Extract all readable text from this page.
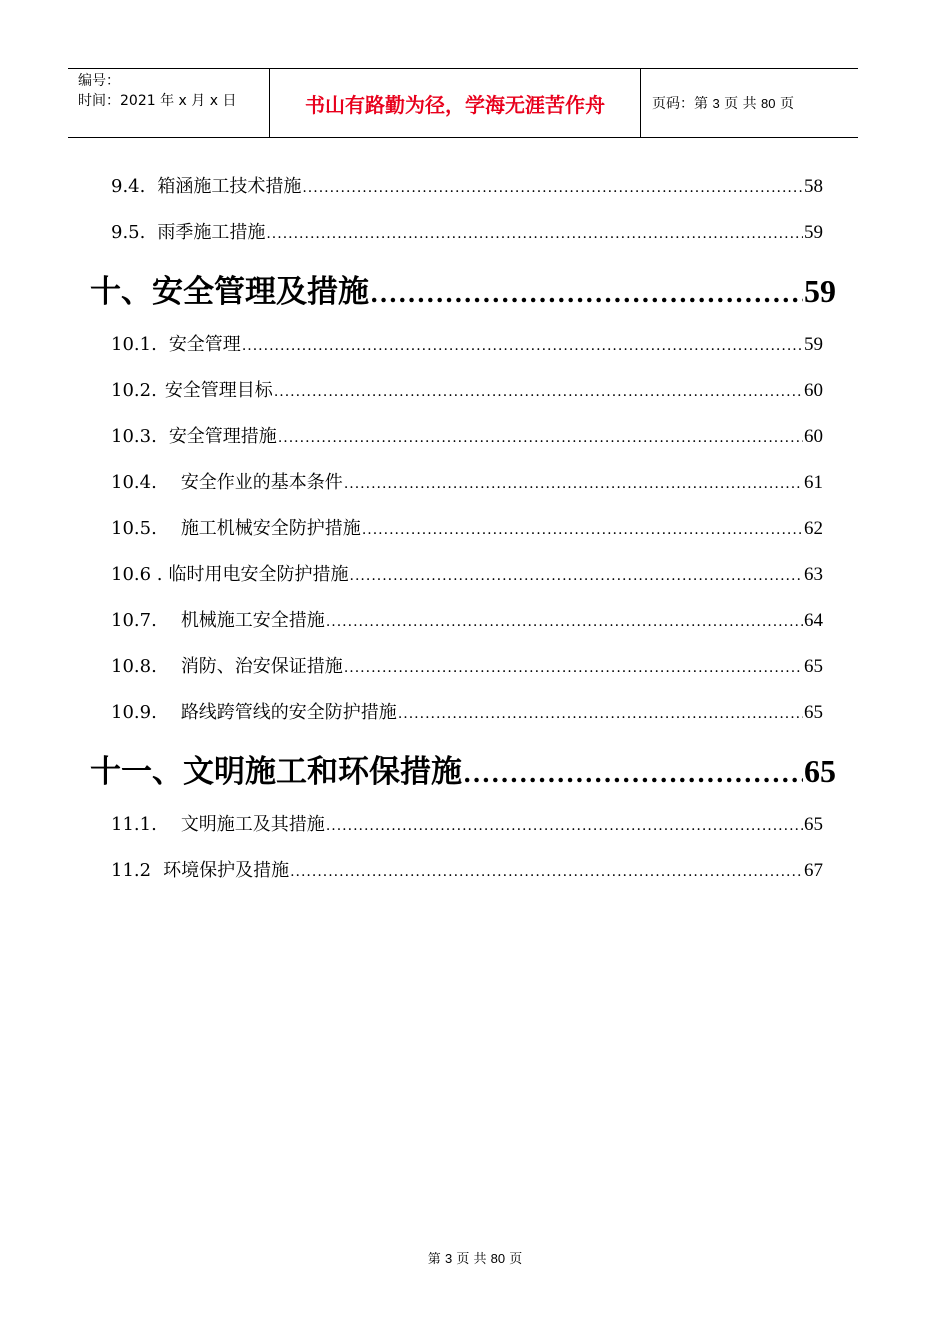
编号：
时间：2021 年 x 月 x 日	书山有路勤为径，学海无涯苦作舟	页码：第 3 页 共 80 页
9.4. 箱涵施工技术措施 .....	58
9.5. 雨季施工措施 .....	59
十、安全管理及措施 .....	59
10.1. 安全管理 .....	59
10.2. 安全管理目标 .....	60
10.3. 安全管理措施 .....	60
10.4. 安全作业的基本条件 .....	61
10.5. 施工机械安全防护措施 .....	62
10.6 . 临时用电安全防护措施 .....	63
10.7. 机械施工安全措施 .....	64
10.8. 消防、治安保证措施 .....	65
10.9. 路线跨管线的安全防护措施 .....	65
十一、文明施工和环保措施 .....	65
11.1. 文明施工及其措施 .....	65
11.2 环境保护及措施 .....	67
第 3 页 共 80 页
